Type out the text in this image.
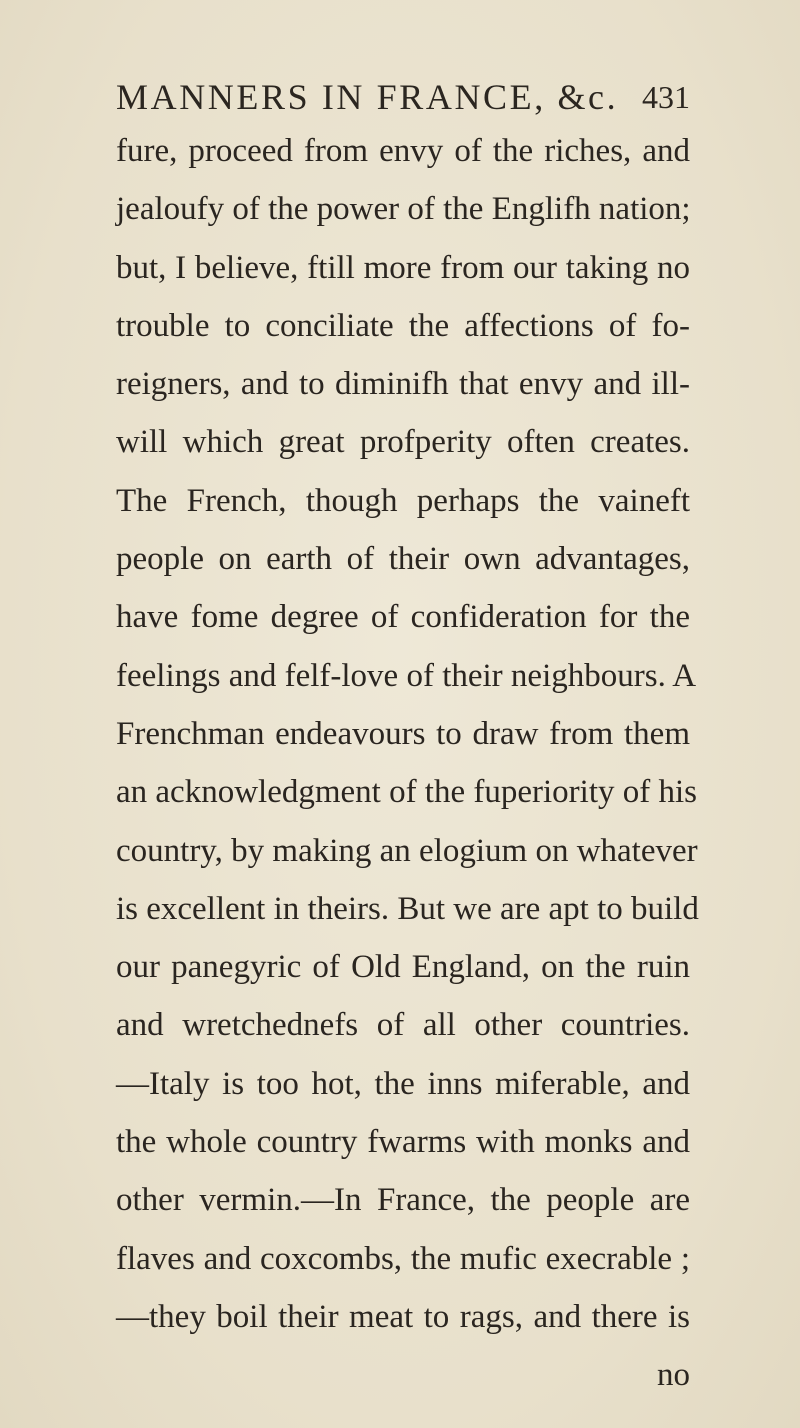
MANNERS IN FRANCE, &c. 431
fure, proceed from envy of the riches, and
jealoufy of the power of the Englifh nation;
but, I believe, ftill more from our taking no
trouble to conciliate the affections of fo-
reigners, and to diminifh that envy and ill-
will which great profperity often creates.
The French, though perhaps the vaineft
people on earth of their own advantages,
have fome degree of confideration for the
feelings and felf-love of their neighbours. A
Frenchman endeavours to draw from them
an acknowledgment of the fuperiority of his
country, by making an elogium on whatever
is excellent in theirs. But we are apt to build
our panegyric of Old England, on the ruin
and wretchednefs of all other countries.
—Italy is too hot, the inns miferable, and
the whole country fwarms with monks and
other vermin.—In France, the people are
flaves and coxcombs, the mufic execrable ;
—they boil their meat to rags, and there is
no
